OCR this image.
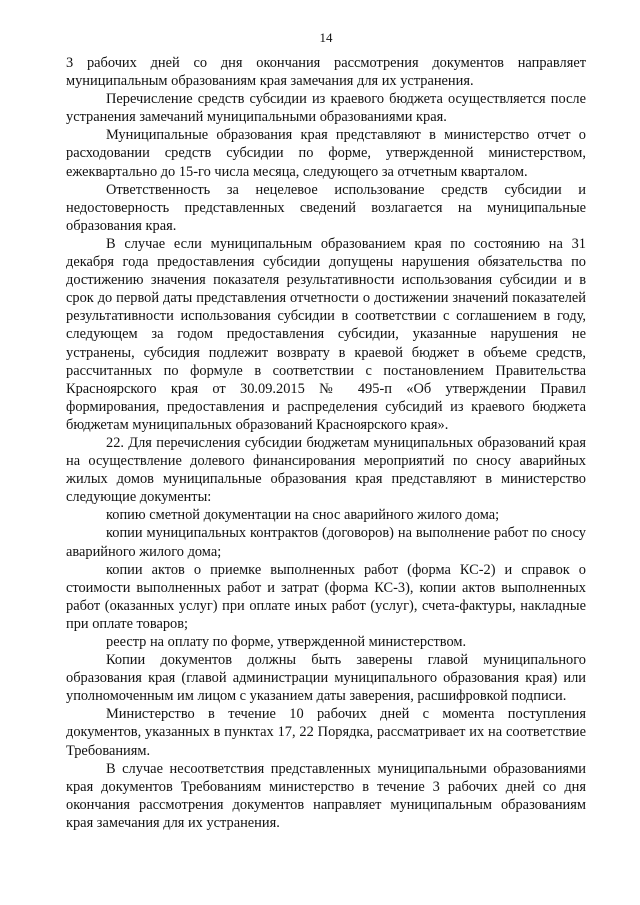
14

3 рабочих дней со дня окончания рассмотрения документов направляет муниципальным образованиям края замечания для их устранения.

Перечисление средств субсидии из краевого бюджета осуществляется после устранения замечаний муниципальными образованиями края.

Муниципальные образования края представляют в министерство отчет о расходовании средств субсидии по форме, утвержденной министерством, ежеквартально до 15-го числа месяца, следующего за отчетным кварталом.

Ответственность за нецелевое использование средств субсидии и недостоверность представленных сведений возлагается на муниципальные образования края.

В случае если муниципальным образованием края по состоянию на 31 декабря года предоставления субсидии допущены нарушения обязательства по достижению значения показателя результативности использования субсидии и в срок до первой даты представления отчетности о достижении значений показателей результативности использования субсидии в соответствии с соглашением в году, следующем за годом предоставления субсидии, указанные нарушения не устранены, субсидия подлежит возврату в краевой бюджет в объеме средств, рассчитанных по формуле в соответствии с постановлением Правительства Красноярского края от 30.09.2015 № 495-п «Об утверждении Правил формирования, предоставления и распределения субсидий из краевого бюджета бюджетам муниципальных образований Красноярского края».

22. Для перечисления субсидии бюджетам муниципальных образований края на осуществление долевого финансирования мероприятий по сносу аварийных жилых домов муниципальные образования края представляют в министерство следующие документы:

копию сметной документации на снос аварийного жилого дома;

копии муниципальных контрактов (договоров) на выполнение работ по сносу аварийного жилого дома;

копии актов о приемке выполненных работ (форма КС-2) и справок о стоимости выполненных работ и затрат (форма КС-3), копии актов выполненных работ (оказанных услуг) при оплате иных работ (услуг), счета-фактуры, накладные при оплате товаров;

реестр на оплату по форме, утвержденной министерством.

Копии документов должны быть заверены главой муниципального образования края (главой администрации муниципального образования края) или уполномоченным им лицом с указанием даты заверения, расшифровкой подписи.

Министерство в течение 10 рабочих дней с момента поступления документов, указанных в пунктах 17, 22 Порядка, рассматривает их на соответствие Требованиям.

В случае несоответствия представленных муниципальными образованиями края документов Требованиям министерство в течение 3 рабочих дней со дня окончания рассмотрения документов направляет муниципальным образованиям края замечания для их устранения.
